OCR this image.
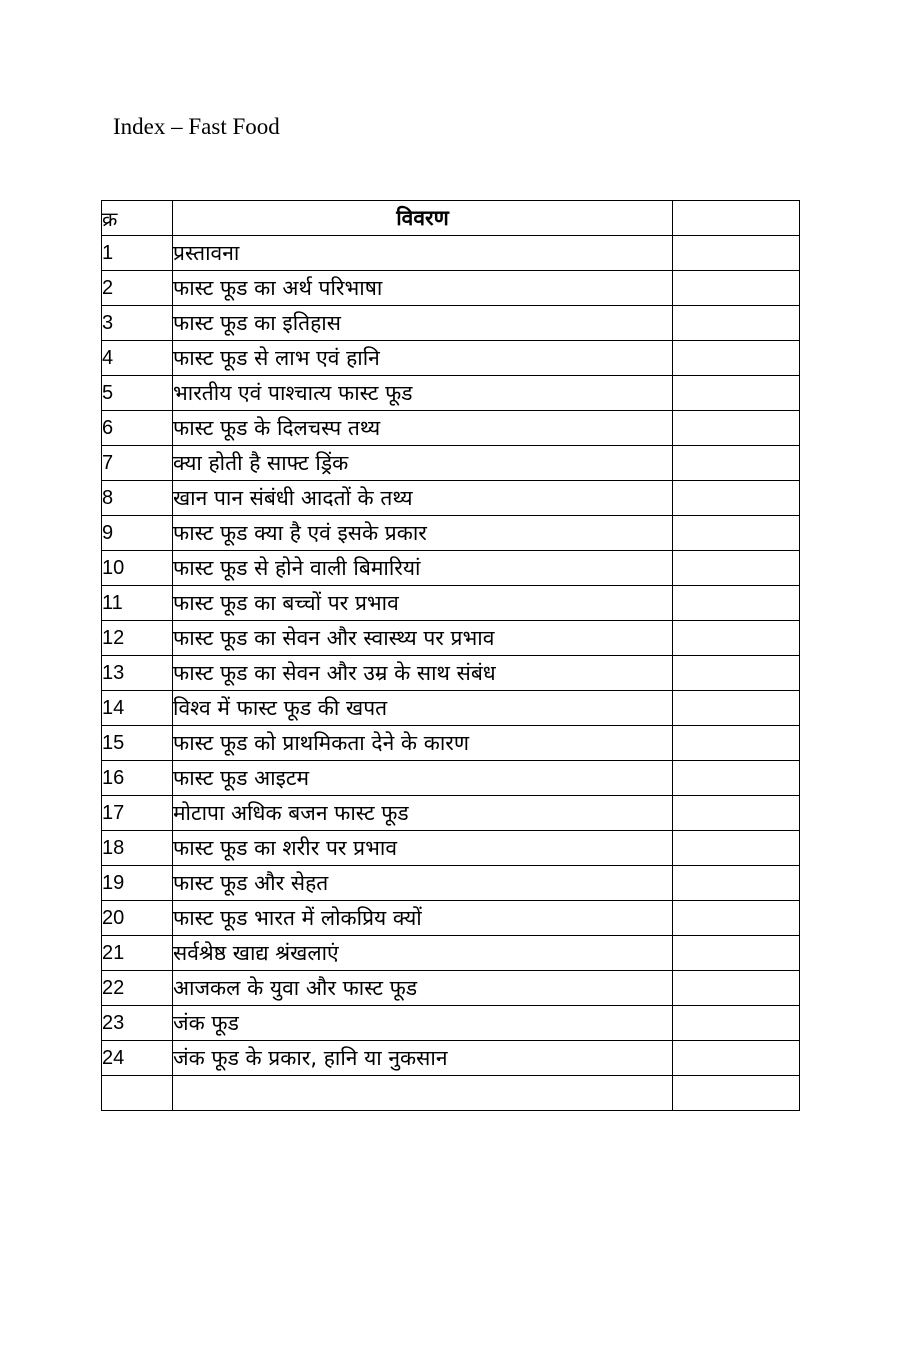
Index – Fast Food
क्र	विवरण	
1	प्रस्तावना	
2	फास्ट फूड का अर्थ परिभाषा	
3	फास्ट फूड का इतिहास	
4	फास्ट फूड से लाभ एवं हानि	
5	भारतीय एवं पाश्चात्य फास्ट फूड	
6	फास्ट फूड के दिलचस्प तथ्य	
7	क्या होती है साफ्ट ड्रिंक	
8	खान पान संबंधी आदतों के तथ्य	
9	फास्ट फूड क्या है एवं इसके प्रकार	
10	फास्ट फूड से होने वाली बिमारियां	
11	फास्ट फूड का बच्चों पर प्रभाव	
12	फास्ट फूड का सेवन और स्वास्थ्य पर प्रभाव	
13	फास्ट फूड का सेवन और उम्र के साथ संबंध	
14	विश्व में फास्ट फूड की खपत	
15	फास्ट फूड को प्राथमिकता देने के कारण	
16	फास्ट फूड आइटम	
17	मोटापा अधिक बजन फास्ट फूड	
18	फास्ट फूड का शरीर पर प्रभाव	
19	फास्ट फूड और सेहत	
20	फास्ट फूड भारत में लोकप्रिय क्यों	
21	सर्वश्रेष्ठ खाद्य श्रंखलाएं	
22	आजकल के युवा और फास्ट फूड	
23	जंक फूड	
24	जंक फूड के प्रकार, हानि या नुकसान	
